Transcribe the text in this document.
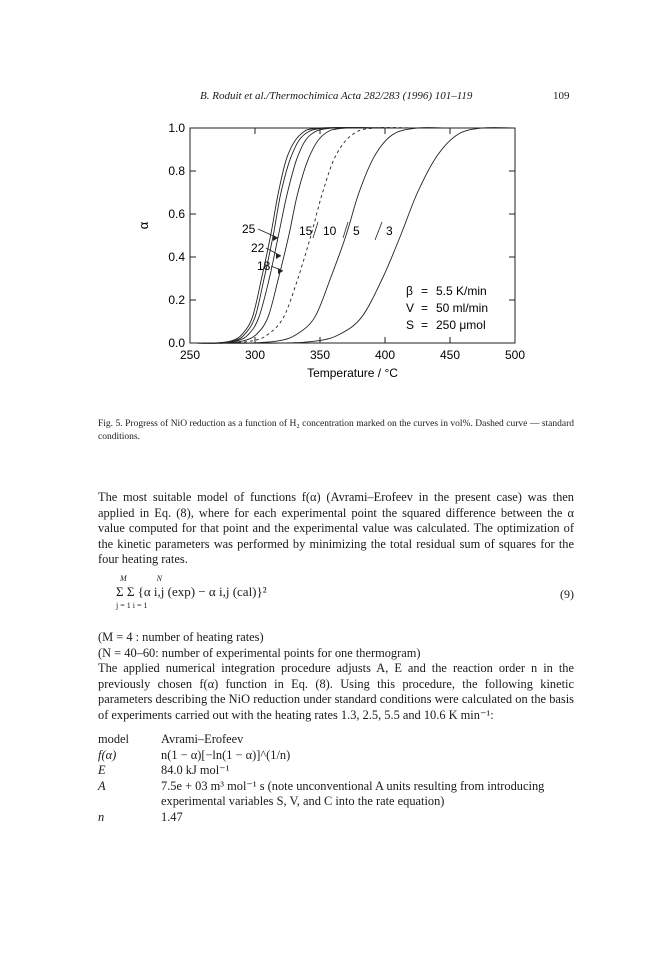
B. Roduit et al./Thermochimica Acta 282/283 (1996) 101–119	109
250	300	350	400	450	500
0.0
0.2
0.4
0.6
0.8
1.0
Temperature / °C
α	25
22
18
15 10 5 3
β = 5.5 K/min
V = 50 ml/min
S = 250 μmol
Fig. 5. Progress of NiO reduction as a function of H₂ concentration marked on the curves in vol%. Dashed curve — standard conditions.
The most suitable model of functions f(α) (Avrami–Erofeev in the present case) was then applied in Eq. (8), where for each experimental point the squared difference between the α value computed for that point and the experimental value was calculated. The optimization of the kinetic parameters was performed by minimizing the total residual sum of squares for the four heating rates.
M N
Σ Σ {α i,j (exp) − α i,j (cal)}²
j = 1 i = 1
(9)
(M = 4 : number of heating rates)
(N = 40–60: number of experimental points for one thermogram)
The applied numerical integration procedure adjusts A, E and the reaction order n in the previously chosen f(α) function in Eq. (8). Using this procedure, the following kinetic parameters describing the NiO reduction under standard conditions were calculated on the basis of experiments carried out with the heating rates 1.3, 2.5, 5.5 and 10.6 K min⁻¹:
model	Avrami–Erofeev
f(α)	n(1 − α)[−ln(1 − α)]^(1/n)
E	84.0 kJ mol⁻¹
A	7.5e + 03 m³ mol⁻¹ s (note unconventional A units resulting from introducing experimental variables S, V, and C into the rate equation)
n	1.47
